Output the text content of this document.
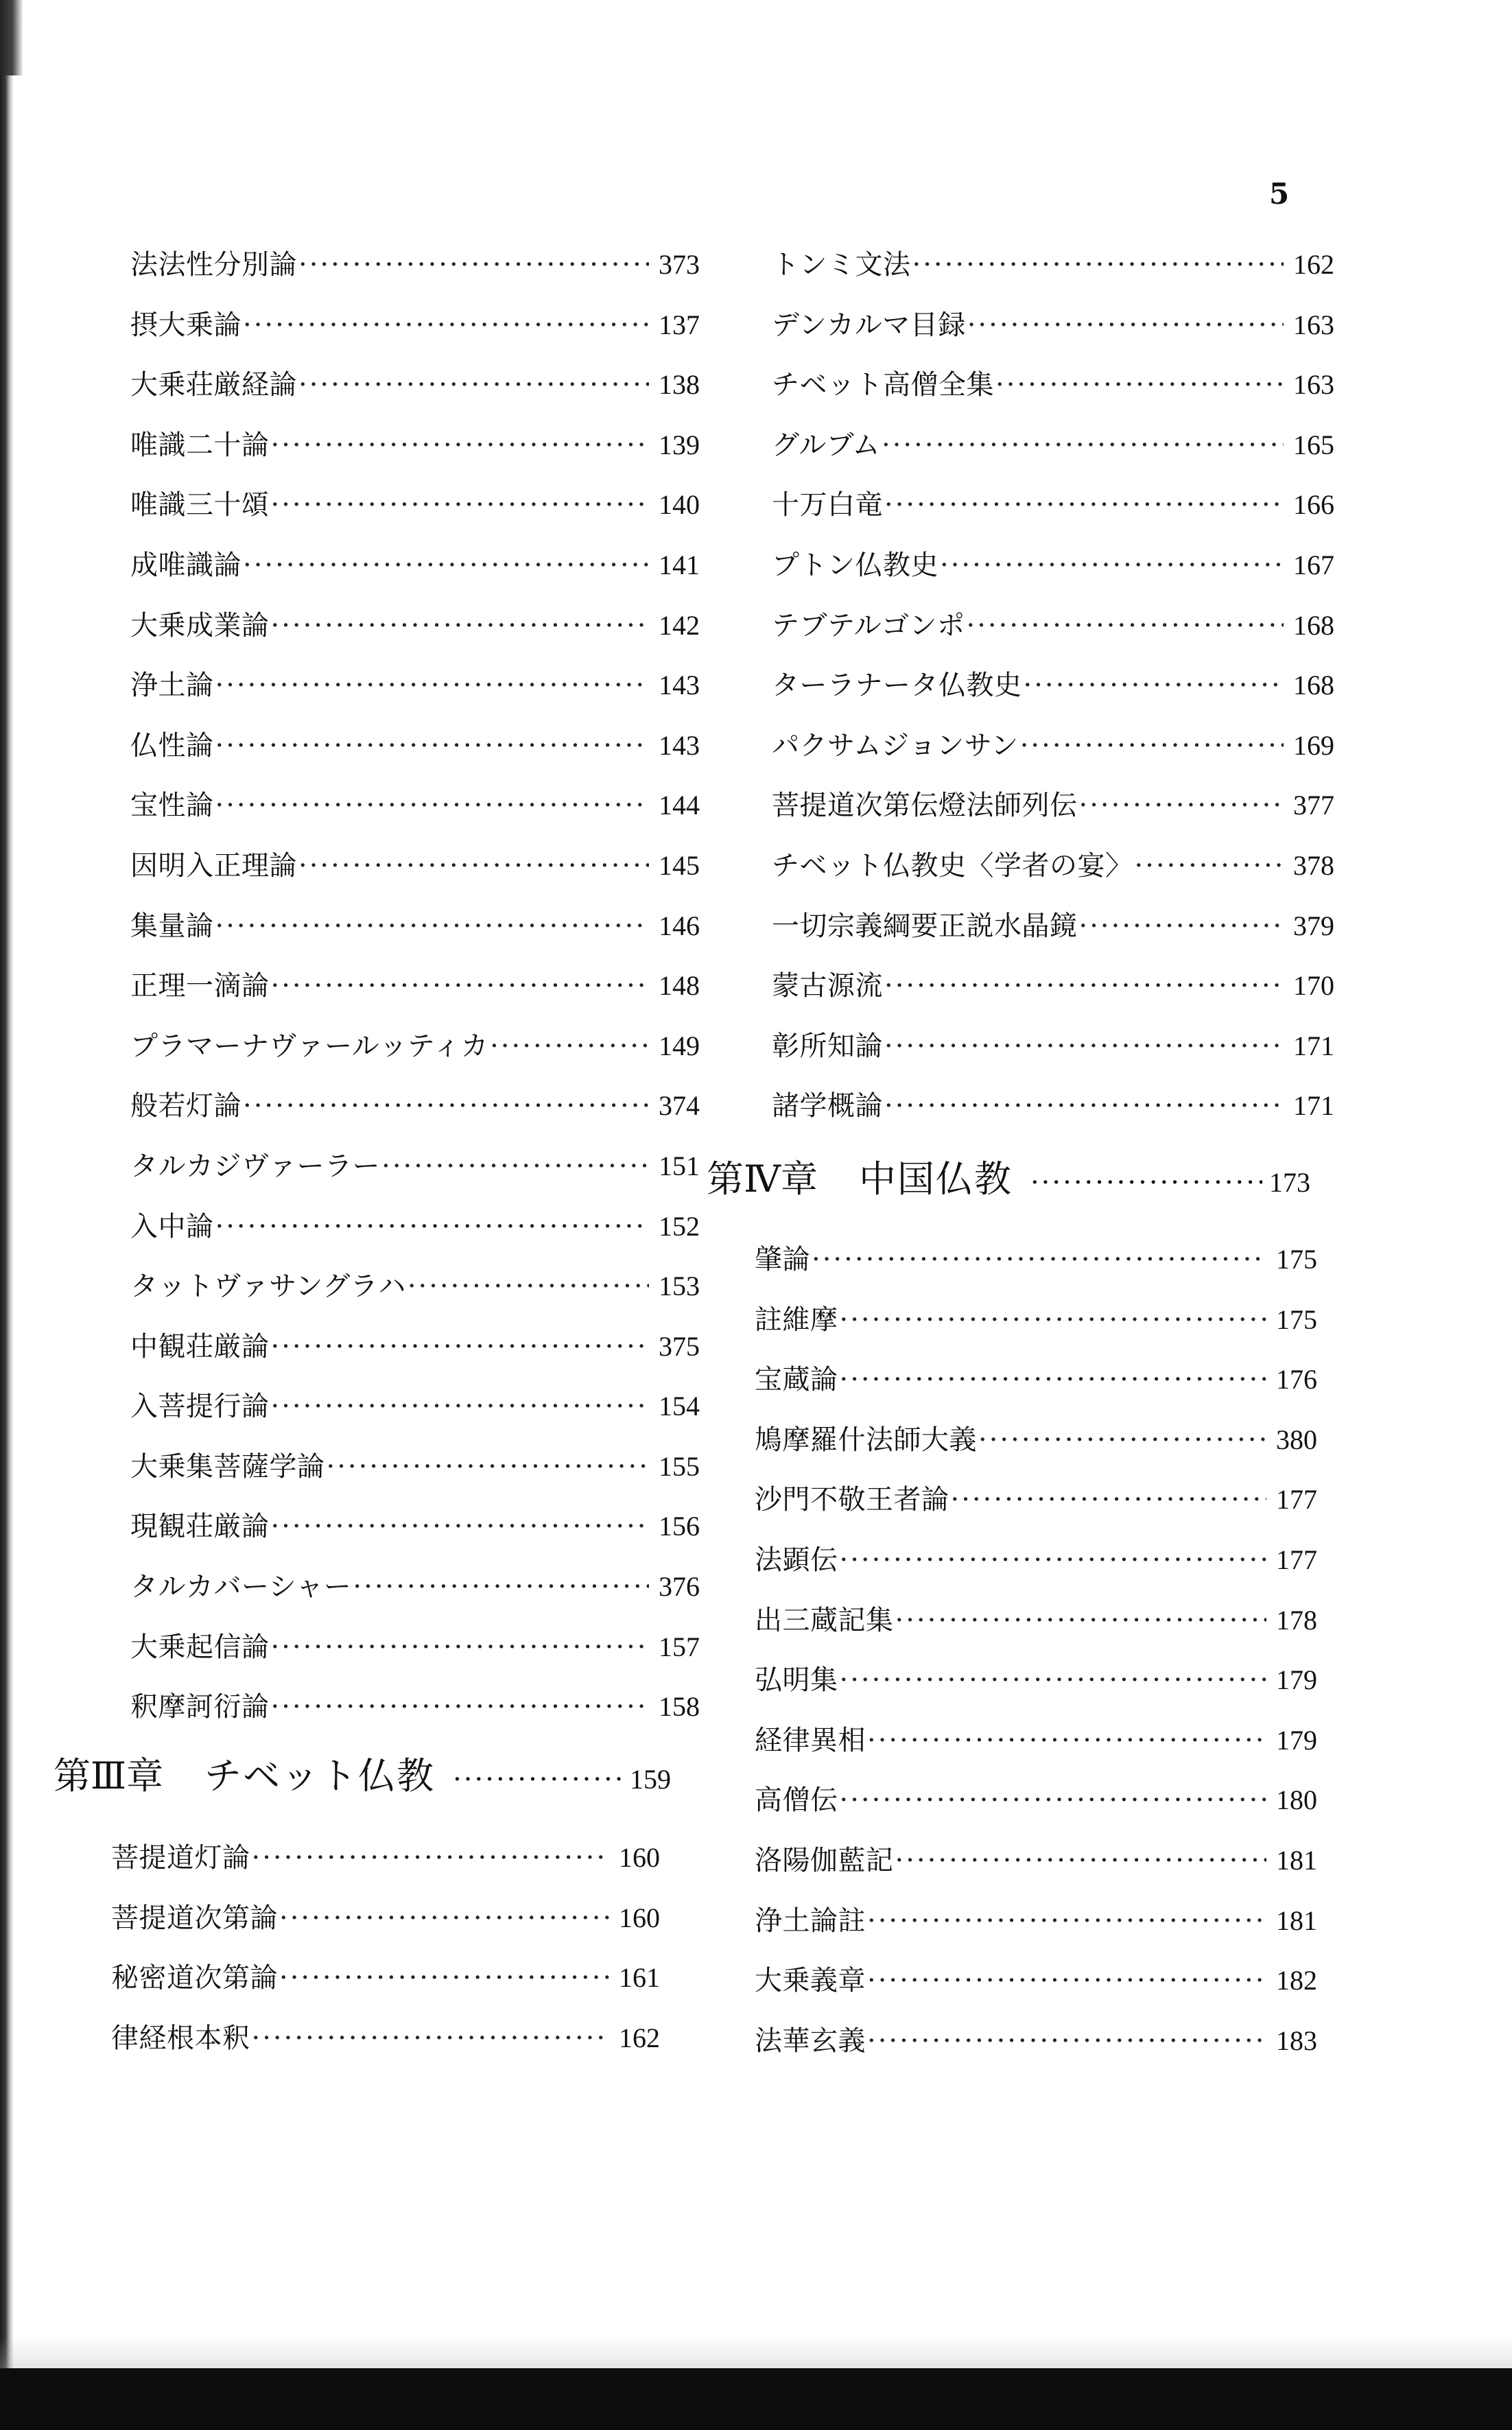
5
法法性分別論 ·····	373
摂大乗論 ·····	137
大乗荘厳経論 ·····	138
唯識二十論 ·····	139
唯識三十頌 ·····	140
成唯識論 ·····	141
大乗成業論 ·····	142
浄土論 ·····	143
仏性論 ·····	143
宝性論 ·····	144
因明入正理論 ·····	145
集量論 ·····	146
正理一滴論 ·····	148
プラマーナヴァールッティカ ·····	149
般若灯論 ·····	374
タルカジヴァーラー ·····	151
入中論 ·····	152
タットヴァサングラハ ·····	153
中観荘厳論 ·····	375
入菩提行論 ·····	154
大乗集菩薩学論 ·····	155
現観荘厳論 ·····	156
タルカバーシャー ·····	376
大乗起信論 ·····	157
釈摩訶衍論 ·····	158
第Ⅲ章 チベット仏教 ·····	159
菩提道灯論 ·····	160
菩提道次第論 ·····	160
秘密道次第論 ·····	161
律経根本釈 ·····	162
トンミ文法 ·····	162
デンカルマ目録 ·····	163
チベット高僧全集 ·····	163
グルブム ·····	165
十万白竜 ·····	166
プトン仏教史 ·····	167
テブテルゴンポ ·····	168
ターラナータ仏教史 ·····	168
パクサムジョンサン ·····	169
菩提道次第伝燈法師列伝 ·····	377
チベット仏教史〈学者の宴〉 ·····	378
一切宗義綱要正説水晶鏡 ·····	379
蒙古源流 ·····	170
彰所知論 ·····	171
諸学概論 ·····	171
第Ⅳ章 中国仏教 ·····	173
肇論 ·····	175
註維摩 ·····	175
宝蔵論 ·····	176
鳩摩羅什法師大義 ·····	380
沙門不敬王者論 ·····	177
法顕伝 ·····	177
出三蔵記集 ·····	178
弘明集 ·····	179
経律異相 ·····	179
高僧伝 ·····	180
洛陽伽藍記 ·····	181
浄土論註 ·····	181
大乗義章 ·····	182
法華玄義 ·····	183
